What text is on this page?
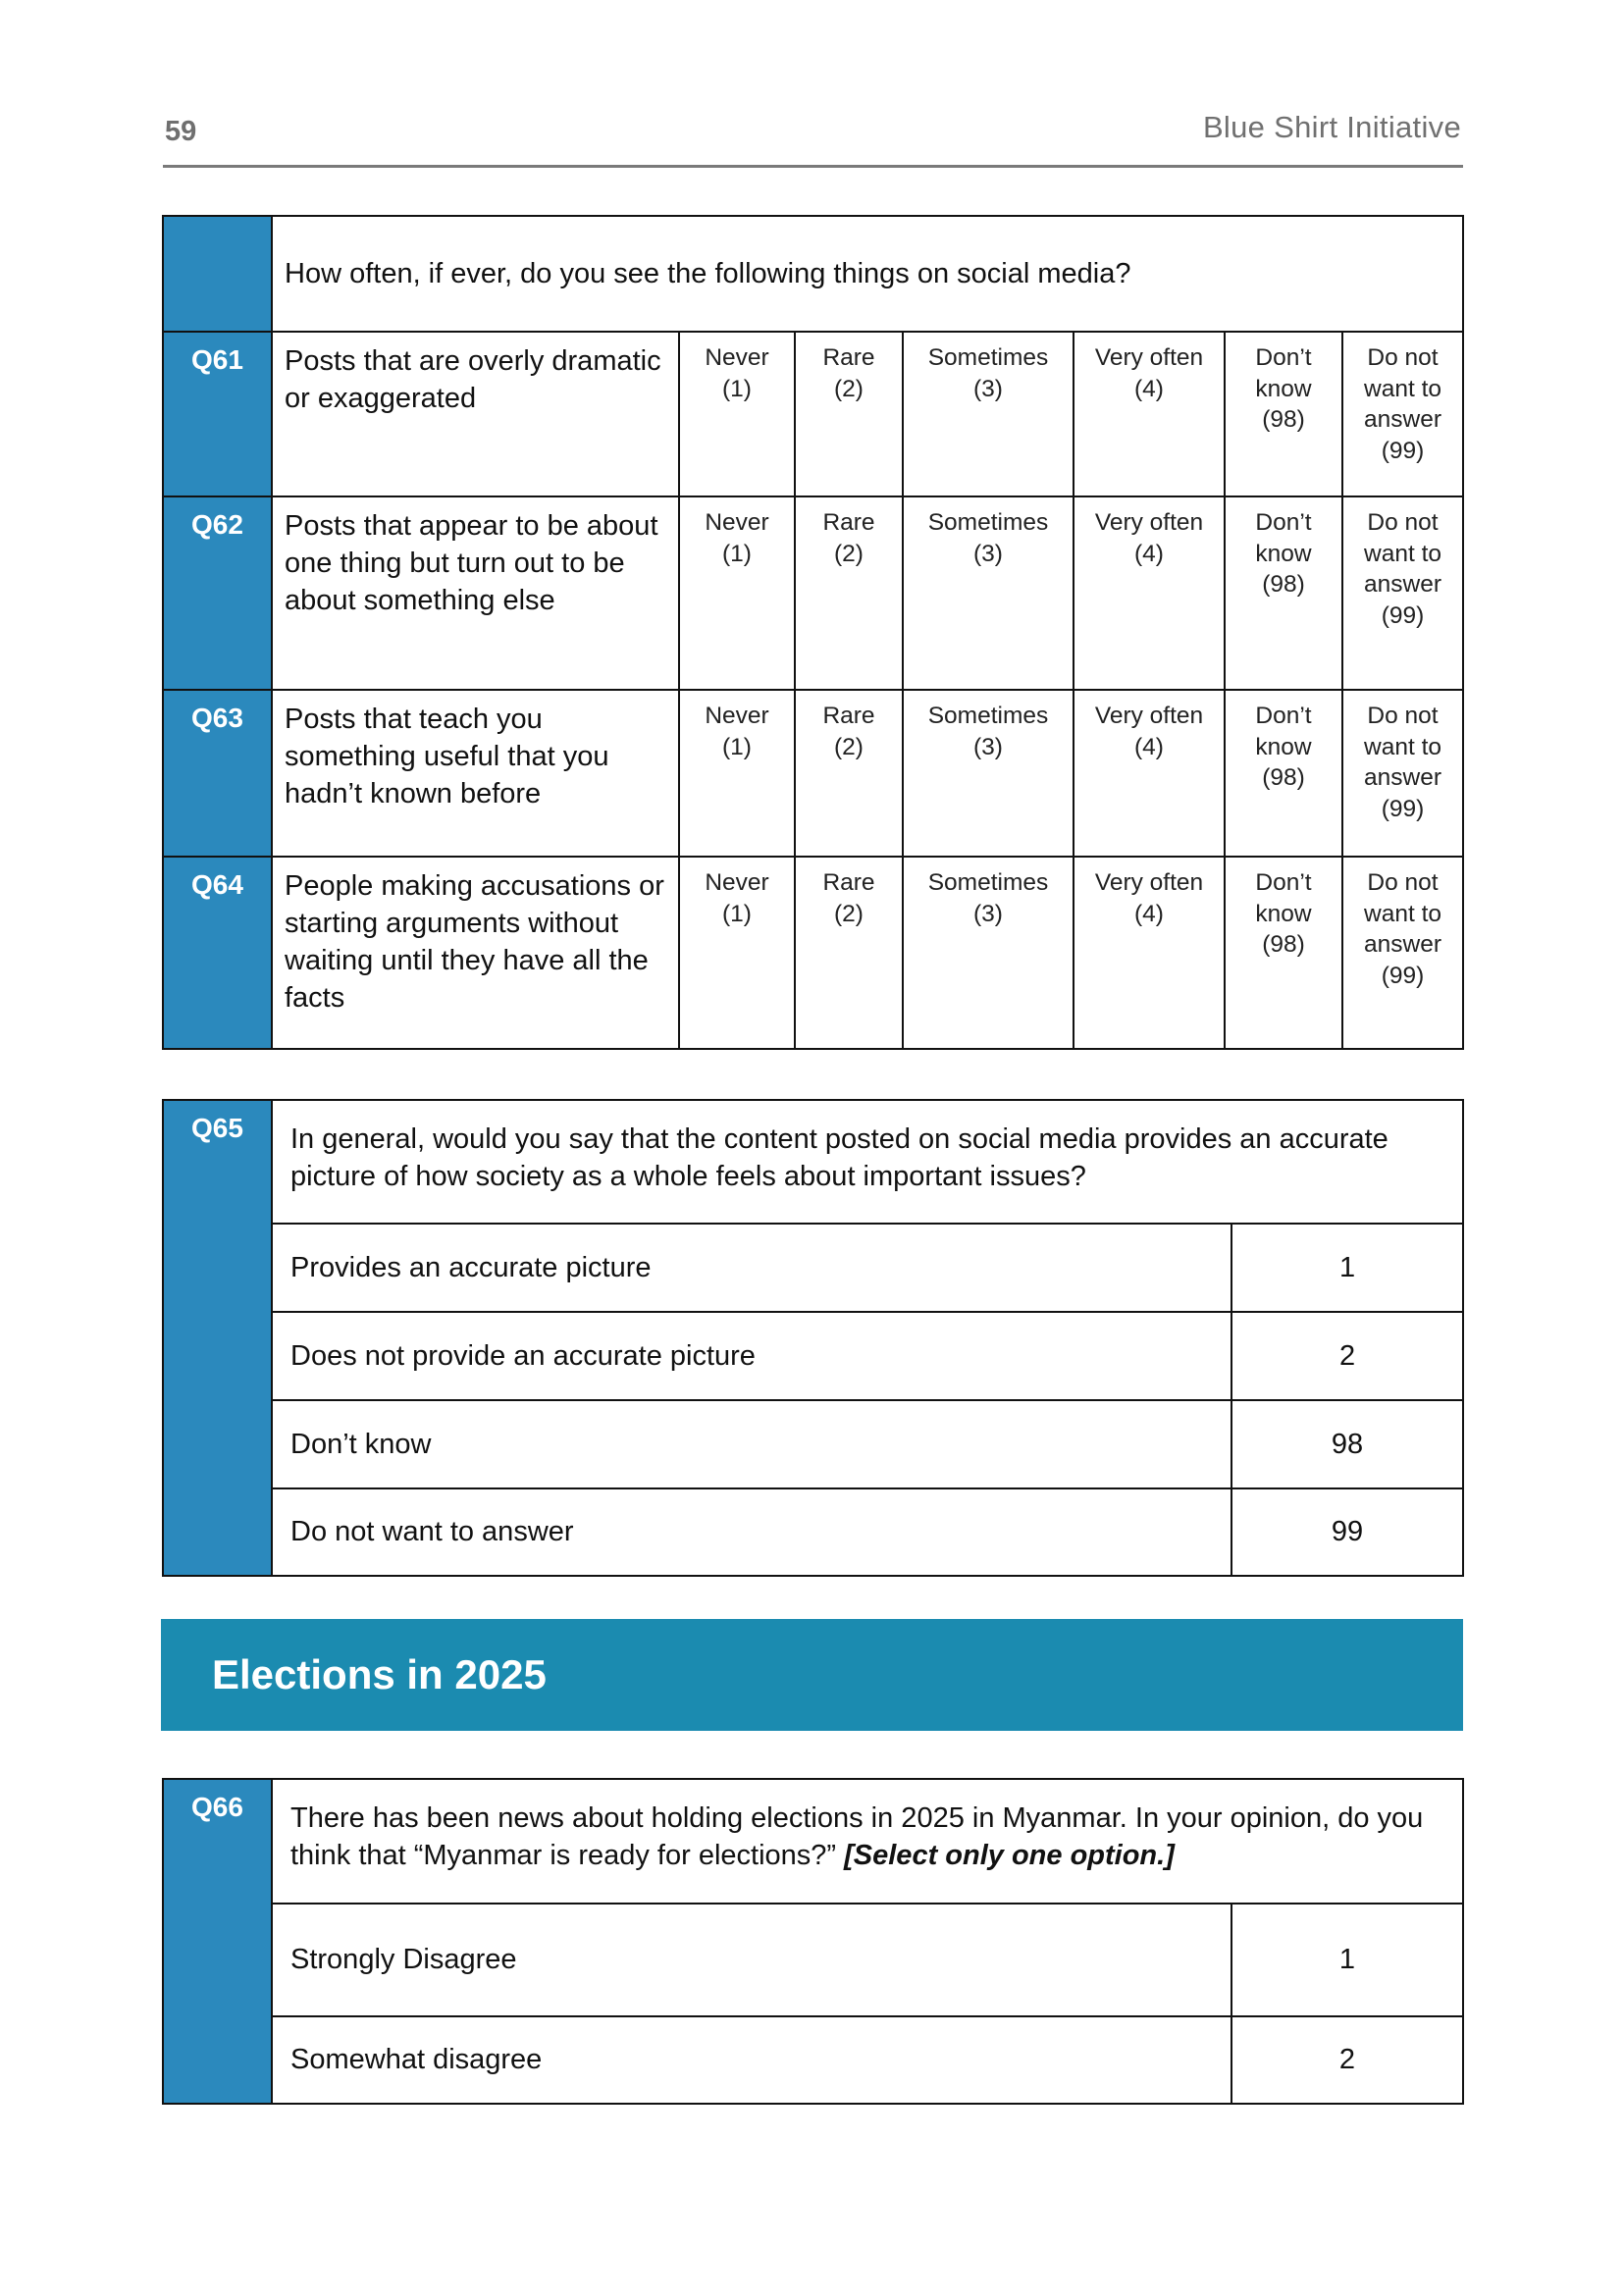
59	Blue Shirt Initiative
	How often, if ever, do you see the following things on social media?						
Q61	Posts that are overly dramatic or exaggerated	
Never
(1)

Rare
(2)

Sometimes
(3)

Very often
(4)

Don’t
know
(98)

Do not
want to
answer
(99)

Q62	Posts that appear to be about one thing but turn out to be about something else	
Never
(1)

Rare
(2)

Sometimes
(3)

Very often
(4)

Don’t
know
(98)

Do not
want to
answer
(99)

Q63	Posts that teach you something useful that you hadn’t known before	
Never
(1)

Rare
(2)

Sometimes
(3)

Very often
(4)

Don’t
know
(98)

Do not
want to
answer
(99)

Q64	People making accusations or starting arguments without waiting until they have all the facts	
Never
(1)

Rare
(2)

Sometimes
(3)

Very often
(4)

Don’t
know
(98)

Do not
want to
answer
(99)
Q65	In general, would you say that the content posted on social media provides an accurate picture of how society as a whole feels about important issues?	
	Provides an accurate picture	1
	Does not provide an accurate picture	2
	Don’t know	98
	Do not want to answer	99
Elections in 2025
Q66	There has been news about holding elections in 2025 in Myanmar. In your opinion, do you think that “Myanmar is ready for elections?” [Select only one option.]	
	Strongly Disagree	1
	Somewhat disagree	2
